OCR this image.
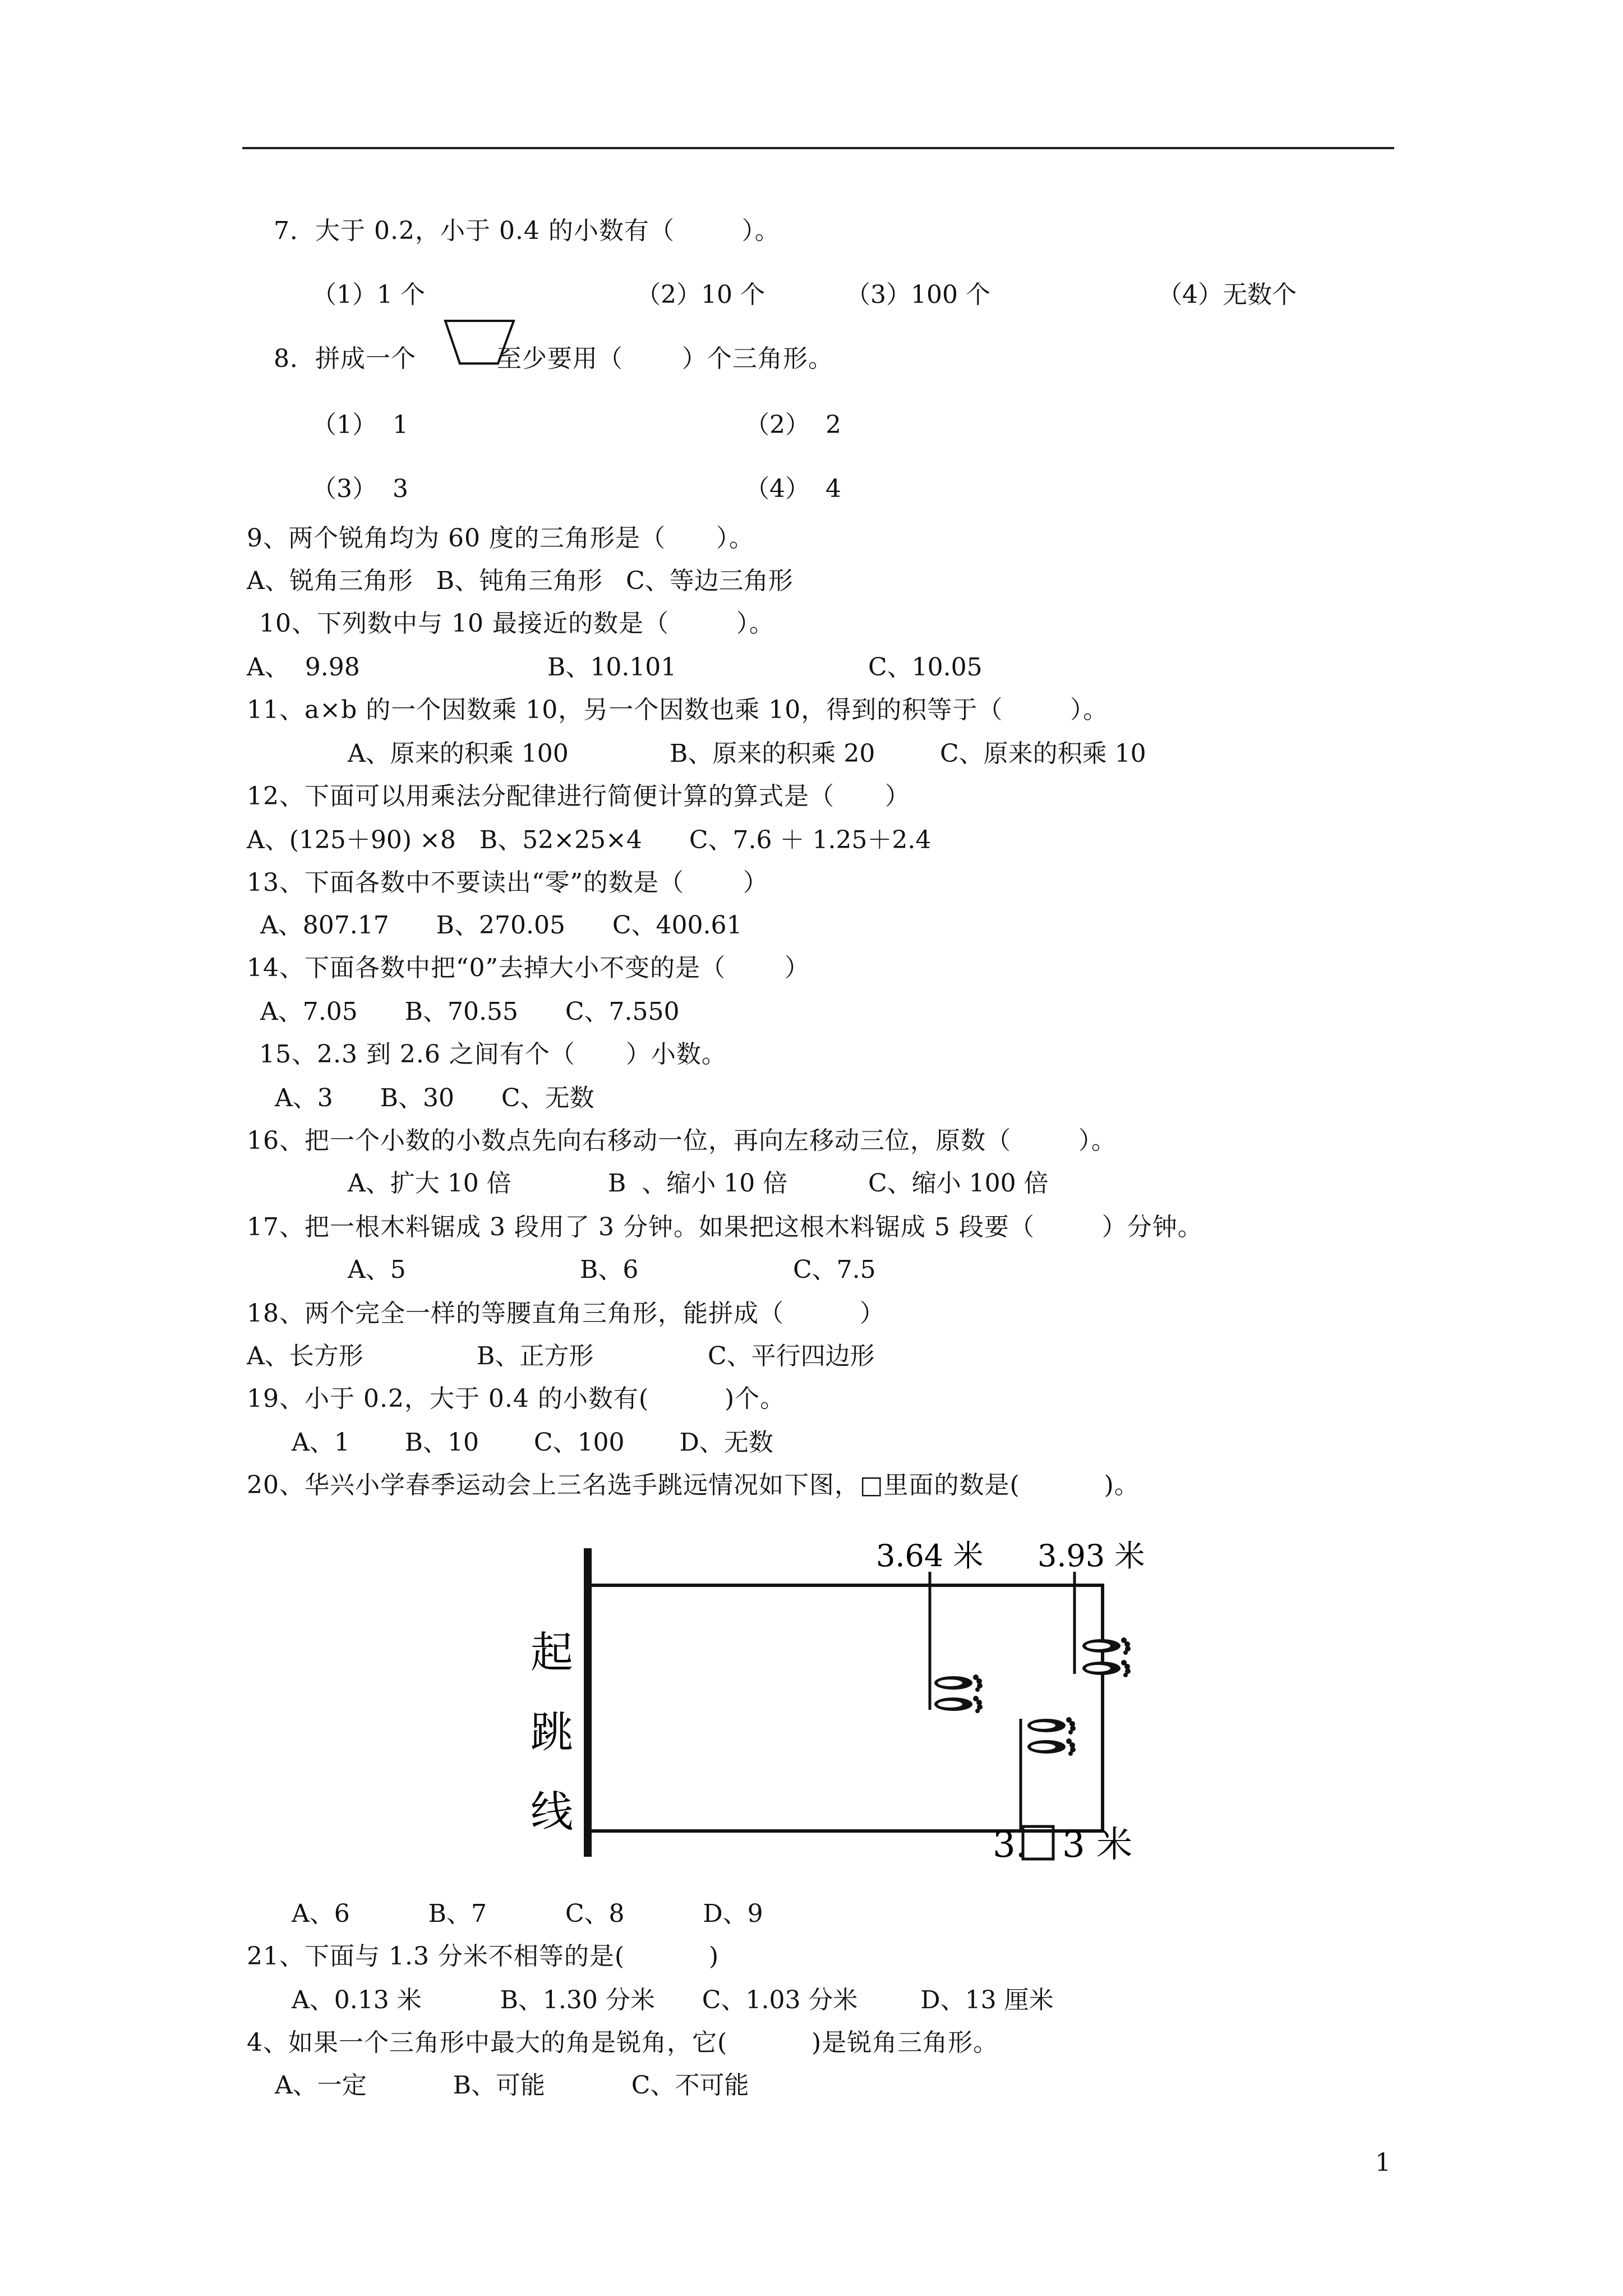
7．大于 0.2，小于 0.4 的小数有（        ）。
（1）1 个	（2）10 个	（3）100 个	（4）无数个
8．拼成一个	至少要用（       ）个三角形。
（1）  1	（2）  2
（3）  3	（4）  4
9、两个锐角均为 60 度的三角形是（      ）。
A、锐角三角形   B、钝角三角形   C、等边三角形
10、下列数中与 10 最接近的数是（        ）。
A、  9.98	B、10.101	C、10.05
11、a×b 的一个因数乘 10，另一个因数也乘 10，得到的积等于（        ）。
A、原来的积乘 100	B、原来的积乘 20	C、原来的积乘 10
12、下面可以用乘法分配律进行简便计算的算式是（      ）
A、(125＋90) ×8   B、52×25×4      C、7.6 ＋ 1.25＋2.4
13、下面各数中不要读出“零”的数是（       ）
A、807.17      B、270.05      C、400.61
14、下面各数中把“0”去掉大小不变的是（       ）
A、7.05      B、70.55      C、7.550
15、2.3 到 2.6 之间有个（      ）小数。
A、3      B、30      C、无数
16、把一个小数的小数点先向右移动一位，再向左移动三位，原数（        ）。
A、扩大 10 倍	B  、缩小 10 倍	C、缩小 100 倍
17、把一根木料锯成 3 段用了 3 分钟。如果把这根木料锯成 5 段要（        ）分钟。
A、5	B、6	C、7.5
18、两个完全一样的等腰直角三角形，能拼成（         ）
A、长方形	B、正方形	C、平行四边形
19、小于 0.2，大于 0.4 的小数有(         )个。
A、1       B、10       C、100       D、无数
20、华兴小学春季运动会上三名选手跳远情况如下图，□里面的数是(          )。
起
跳
线
3.64 米 3.93 米
3. 3 米
A、6          B、7          C、8          D、9
21、下面与 1.3 分米不相等的是(          )
A、0.13 米          B、1.30 分米      C、1.03 分米        D、13 厘米
4、如果一个三角形中最大的角是锐角，它(          )是锐角三角形。
A、一定           B、可能           C、不可能
1
